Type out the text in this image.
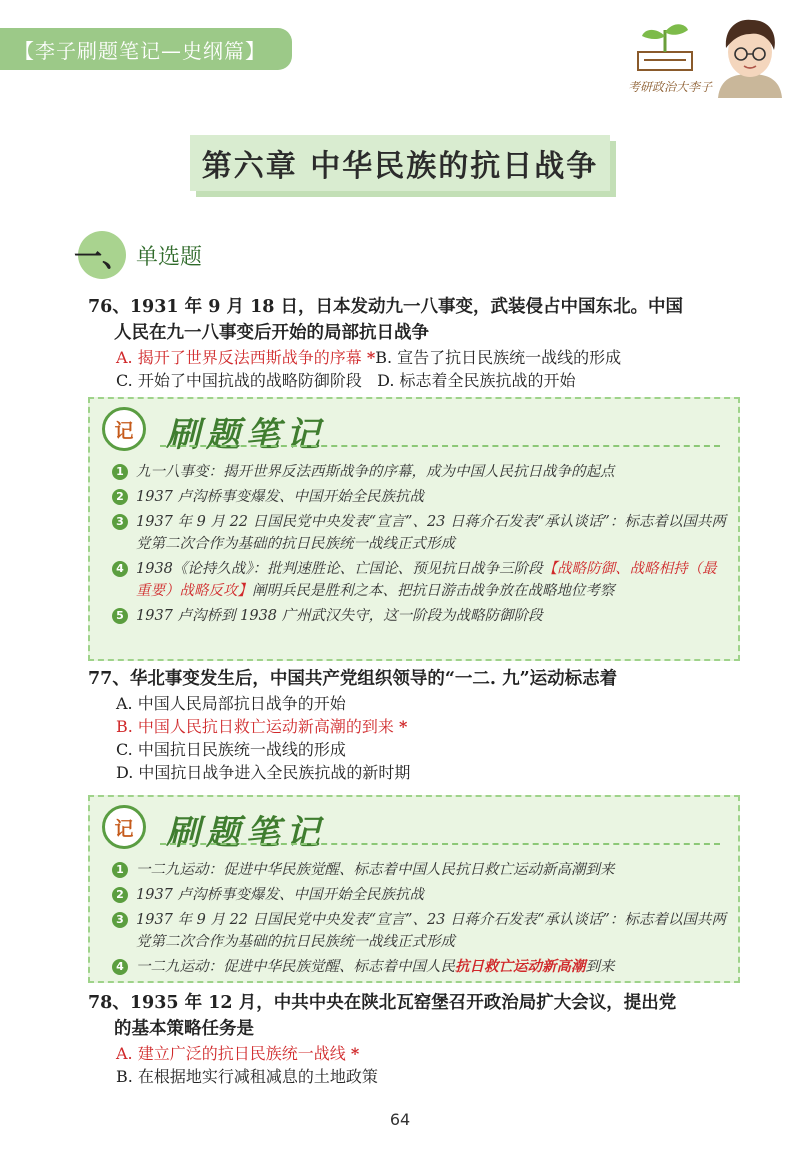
【李子刷题笔记—史纲篇】
考研政治大李子
第六章 中华民族的抗日战争
一、 单选题
76、1931 年 9 月 18 日，日本发动九一八事变，武装侵占中国东北。中国
人民在九一八事变后开始的局部抗日战争
A. 揭开了世界反法西斯战争的序幕 *B. 宣告了抗日民族统一战线的形成
C. 开始了中国抗战的战略防御阶段 D. 标志着全民族抗战的开始
记 刷题笔记
1 九一八事变：揭开世界反法西斯战争的序幕，成为中国人民抗日战争的起点
2 1937 卢沟桥事变爆发、中国开始全民族抗战
3 1937 年 9 月 22 日国民党中央发表“宣言”、23 日蒋介石发表“承认谈话”：标志着以国共两党第二次合作为基础的抗日民族统一战线正式形成
4 1938《论持久战》：批判速胜论、亡国论、预见抗日战争三阶段【战略防御、战略相持（最重要）战略反攻】阐明兵民是胜利之本、把抗日游击战争放在战略地位考察
5 1937 卢沟桥到 1938 广州武汉失守，这一阶段为战略防御阶段
77、华北事变发生后，中国共产党组织领导的“一二. 九”运动标志着
A. 中国人民局部抗日战争的开始
B. 中国人民抗日救亡运动新高潮的到来 *
C. 中国抗日民族统一战线的形成
D. 中国抗日战争进入全民族抗战的新时期
记 刷题笔记
1 一二九运动：促进中华民族觉醒、标志着中国人民抗日救亡运动新高潮到来
2 1937 卢沟桥事变爆发、中国开始全民族抗战
3 1937 年 9 月 22 日国民党中央发表“宣言”、23 日蒋介石发表“承认谈话”：标志着以国共两党第二次合作为基础的抗日民族统一战线正式形成
4 一二九运动：促进中华民族觉醒、标志着中国人民抗日救亡运动新高潮到来
78、1935 年 12 月，中共中央在陕北瓦窑堡召开政治局扩大会议，提出党
的基本策略任务是
A. 建立广泛的抗日民族统一战线 *
B. 在根据地实行减租减息的土地政策
64
